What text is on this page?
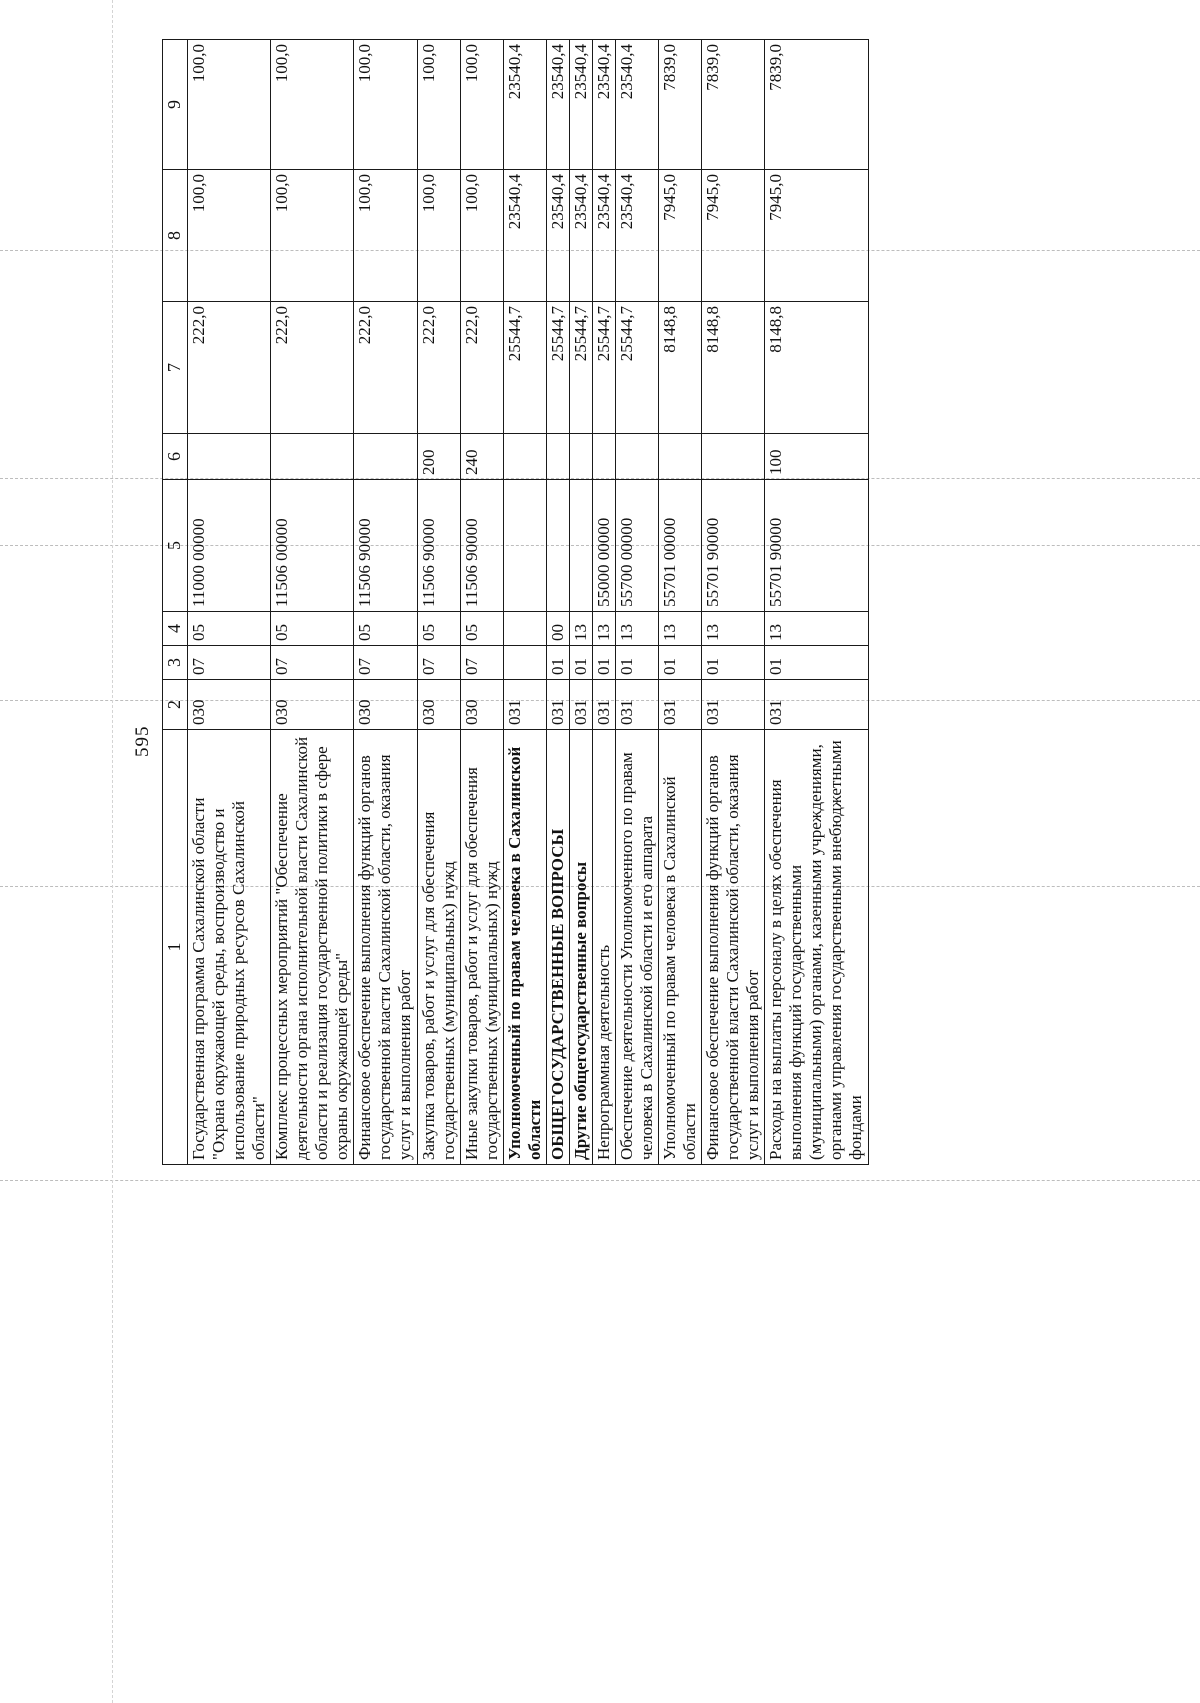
595
1	2	3	4	5	6	7	8	9
Государственная программа Сахалинской области "Охрана окружающей среды, воспроизводство и использование природных ресурсов Сахалинской области"	030	07	05	11000 00000		222,0	100,0	100,0
Комплекс процессных мероприятий "Обеспечение деятельности органа исполнительной власти Сахалинской области и реализация государственной политики в сфере охраны окружающей среды"	030	07	05	11506 00000		222,0	100,0	100,0
Финансовое обеспечение выполнения функций органов государственной власти Сахалинской области, оказания услуг и выполнения работ	030	07	05	11506 90000		222,0	100,0	100,0
Закупка товаров, работ и услуг для обеспечения государственных (муниципальных) нужд	030	07	05	11506 90000	200	222,0	100,0	100,0
Иные закупки товаров, работ и услуг для обеспечения государственных (муниципальных) нужд	030	07	05	11506 90000	240	222,0	100,0	100,0
Уполномоченный по правам человека в Сахалинской области	031					25544,7	23540,4	23540,4
ОБЩЕГОСУДАРСТВЕННЫЕ ВОПРОСЫ	031	01	00			25544,7	23540,4	23540,4
Другие общегосударственные вопросы	031	01	13			25544,7	23540,4	23540,4
Непрограммная деятельность	031	01	13	55000 00000		25544,7	23540,4	23540,4
Обеспечение деятельности Уполномоченного по правам человека в Сахалинской области и его аппарата	031	01	13	55700 00000		25544,7	23540,4	23540,4
Уполномоченный по правам человека в Сахалинской области	031	01	13	55701 00000		8148,8	7945,0	7839,0
Финансовое обеспечение выполнения функций органов государственной власти Сахалинской области, оказания услуг и выполнения работ	031	01	13	55701 90000		8148,8	7945,0	7839,0
Расходы на выплаты персоналу в целях обеспечения выполнения функций государственными (муниципальными) органами, казенными учреждениями, органами управления государственными внебюджетными фондами	031	01	13	55701 90000	100	8148,8	7945,0	7839,0
